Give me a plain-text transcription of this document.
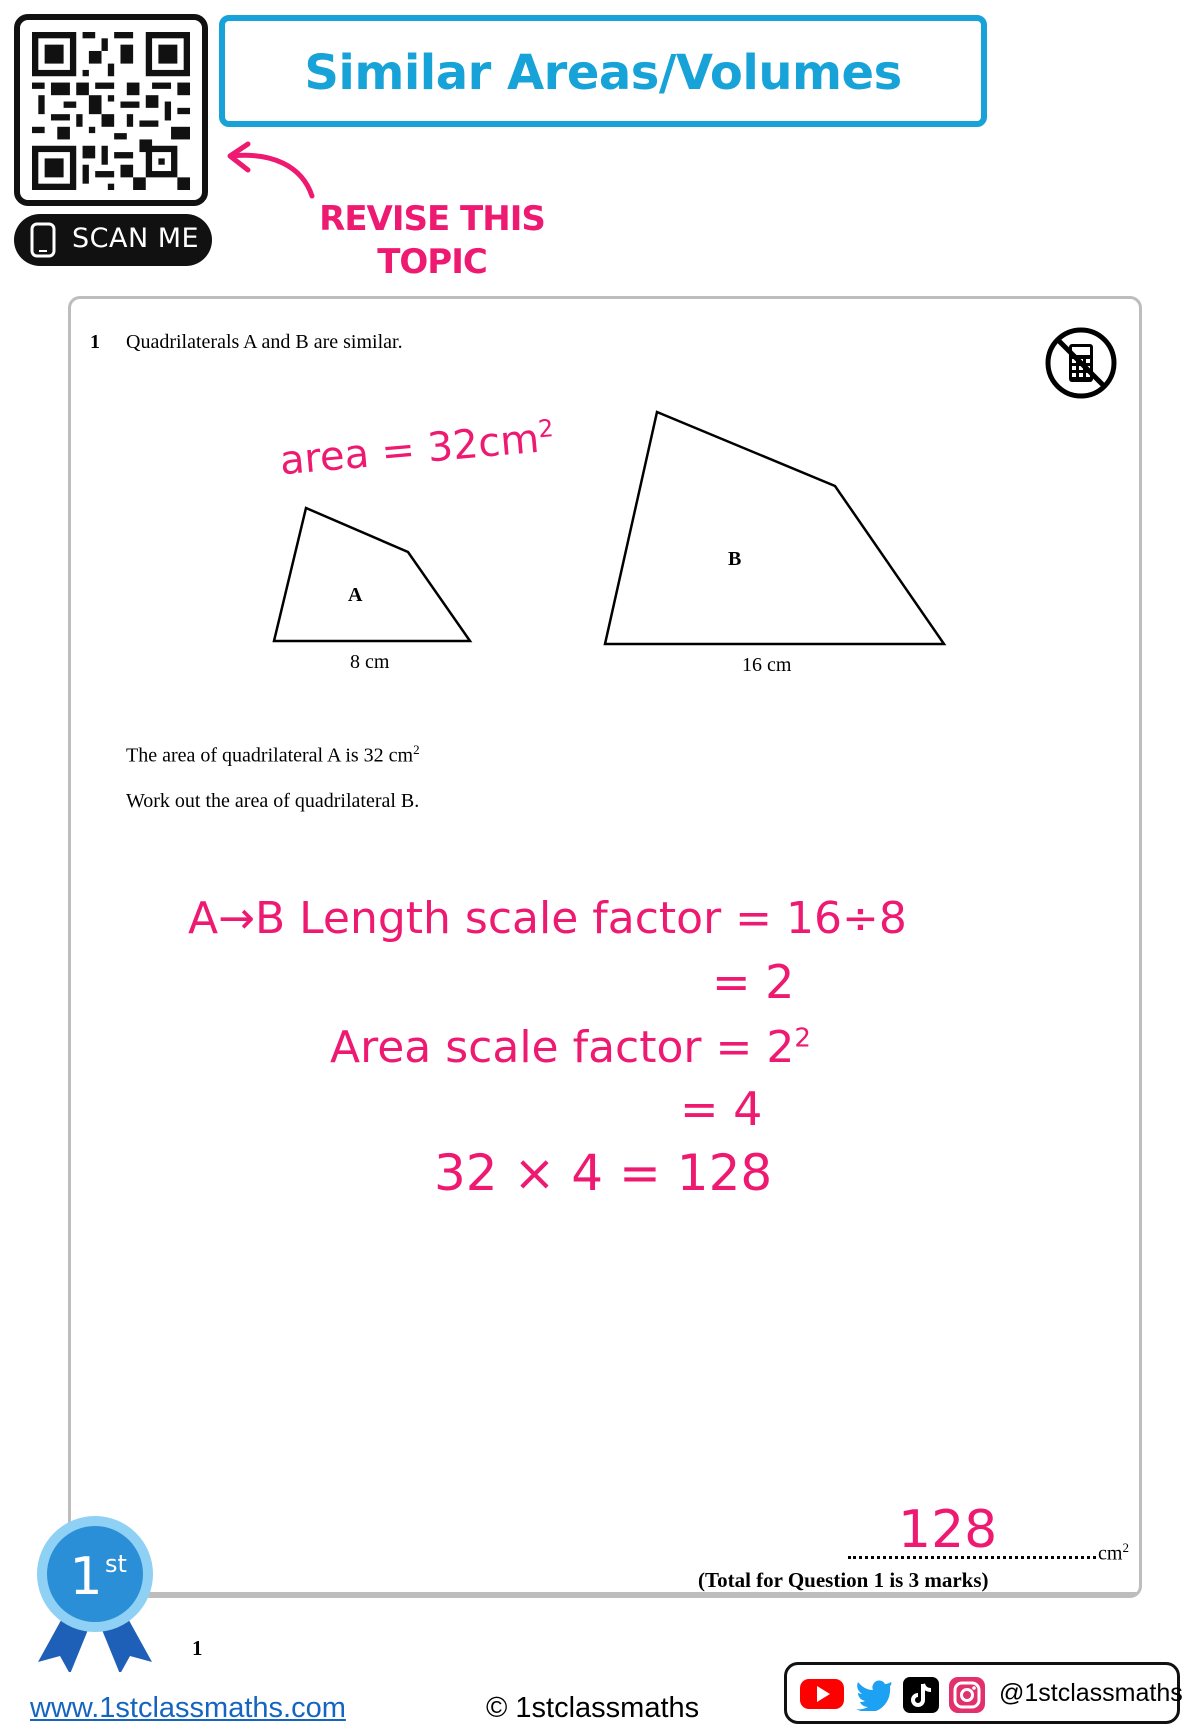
SCAN ME
Similar Areas/Volumes
REVISE THIS
TOPIC
1 Quadrilaterals A and B are similar.
A
B
8 cm	16 cm
area = $32cm^2$
The area of quadrilateral A is 32 $cm^2$
Work out the area of quadrilateral B.
A→B Length scale factor = 16÷8
= 2
Area scale factor = $2^2$
= 4
32 × 4 = 128
128	$cm^2$
(Total for Question 1 is 3 marks)
1 st
1
www.1stclassmaths.com	© 1stclassmaths	@1stclassmaths
